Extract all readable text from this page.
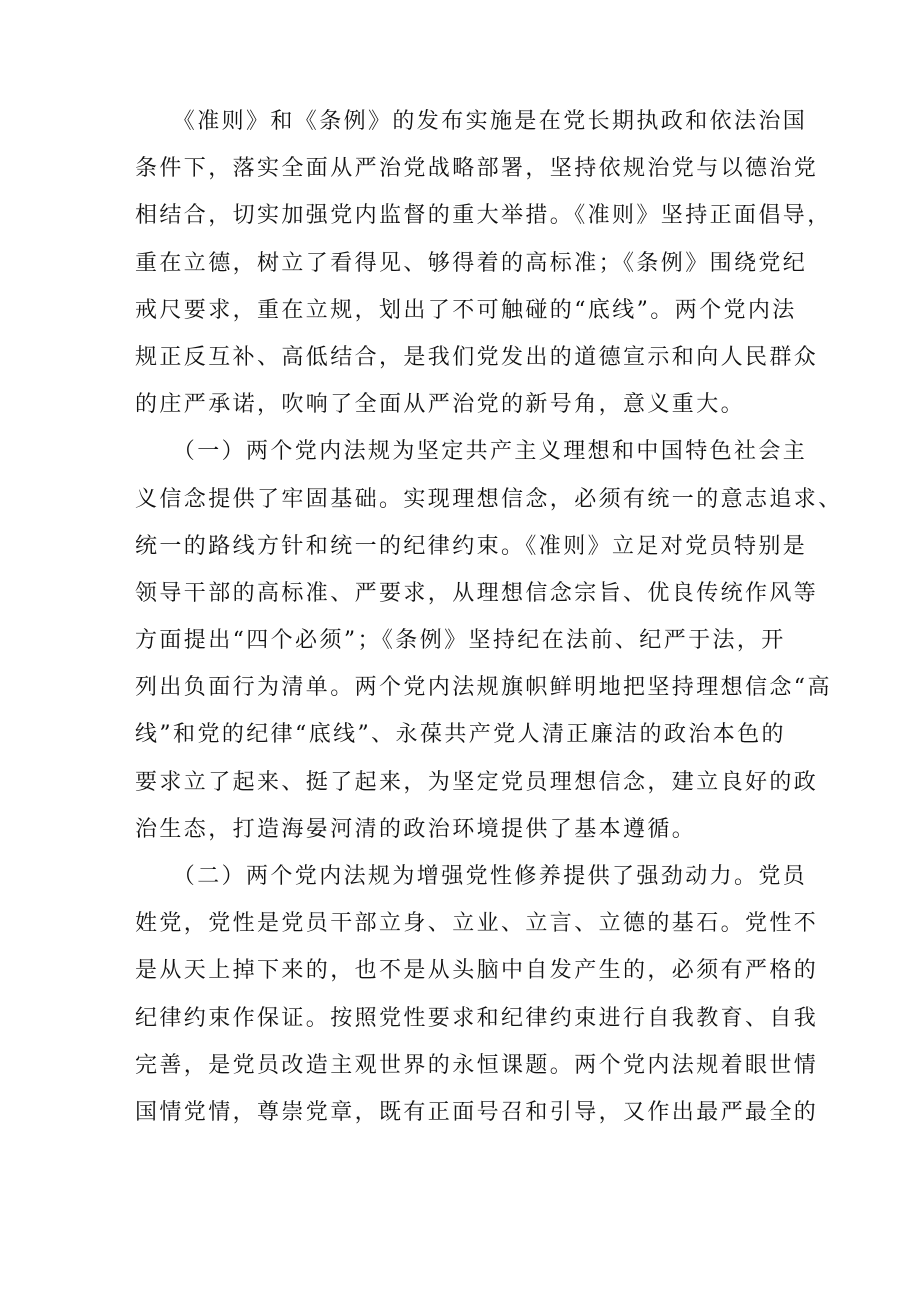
　　《准则》和《条例》的发布实施是在党长期执政和依法治国
条件下，落实全面从严治党战略部署，坚持依规治党与以德治党
相结合，切实加强党内监督的重大举措。《准则》坚持正面倡导，
重在立德，树立了看得见、够得着的高标准；《条例》围绕党纪
戒尺要求，重在立规，划出了不可触碰的“底线”。两个党内法
规正反互补、高低结合，是我们党发出的道德宣示和向人民群众
的庄严承诺，吹响了全面从严治党的新号角，意义重大。
　　（一）两个党内法规为坚定共产主义理想和中国特色社会主
义信念提供了牢固基础。实现理想信念，必须有统一的意志追求、
统一的路线方针和统一的纪律约束。《准则》立足对党员特别是
领导干部的高标准、严要求，从理想信念宗旨、优良传统作风等
方面提出“四个必须”；《条例》坚持纪在法前、纪严于法，开
列出负面行为清单。两个党内法规旗帜鲜明地把坚持理想信念“高
线”和党的纪律“底线”、永葆共产党人清正廉洁的政治本色的
要求立了起来、挺了起来，为坚定党员理想信念，建立良好的政
治生态，打造海晏河清的政治环境提供了基本遵循。
　　（二）两个党内法规为增强党性修养提供了强劲动力。党员
姓党，党性是党员干部立身、立业、立言、立德的基石。党性不
是从天上掉下来的，也不是从头脑中自发产生的，必须有严格的
纪律约束作保证。按照党性要求和纪律约束进行自我教育、自我
完善，是党员改造主观世界的永恒课题。两个党内法规着眼世情
国情党情，尊崇党章，既有正面号召和引导，又作出最严最全的
